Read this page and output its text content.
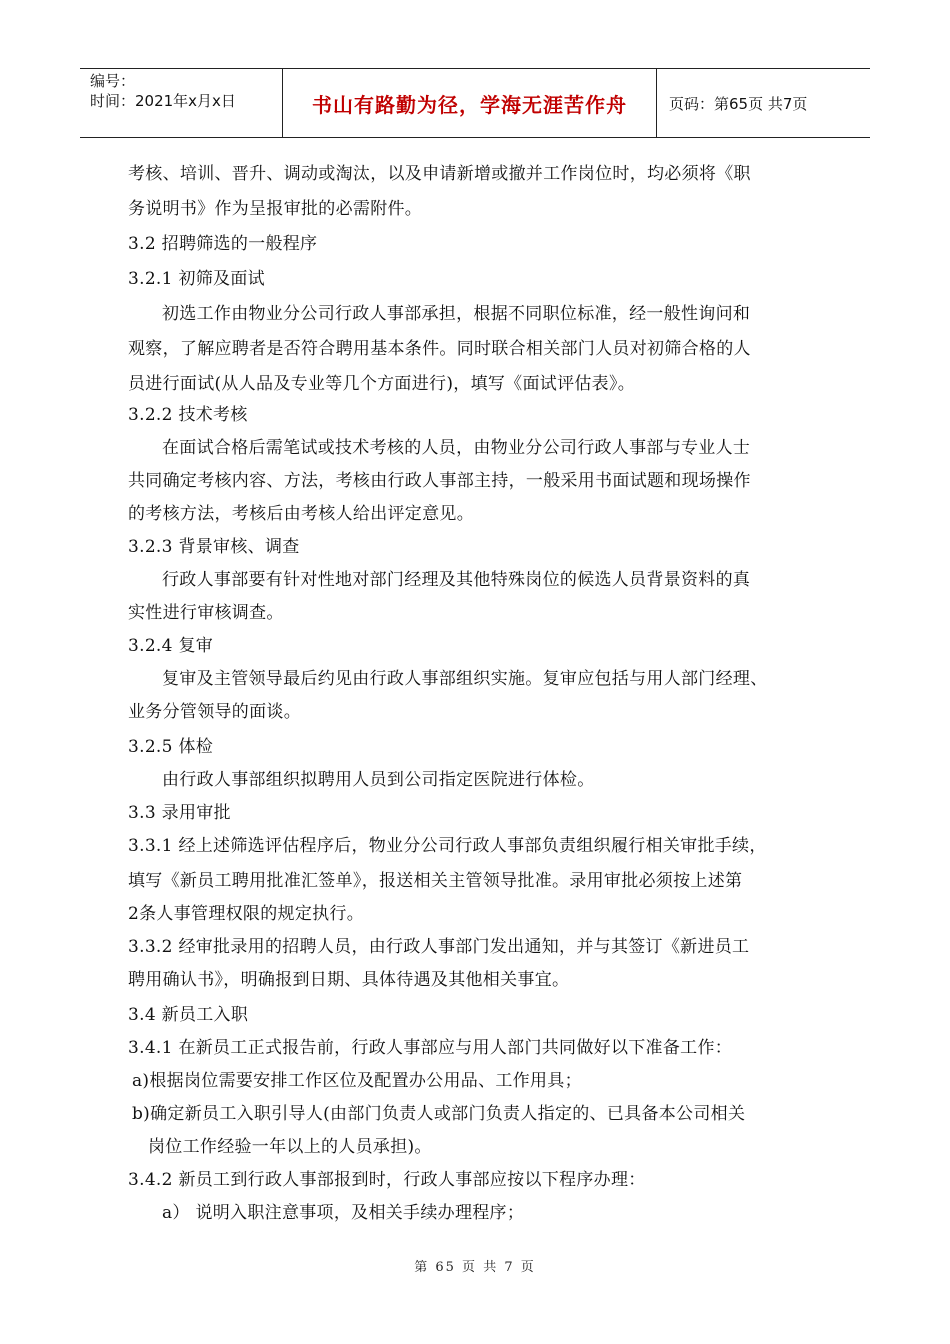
编号：
时间：2021年x月x日	书山有路勤为径，学海无涯苦作舟	页码：第65页 共7页
考核、培训、晋升、调动或淘汰，以及申请新增或撤并工作岗位时，均必须将《职
务说明书》作为呈报审批的必需附件。
3.2 招聘筛选的一般程序
3.2.1 初筛及面试
初选工作由物业分公司行政人事部承担，根据不同职位标准，经一般性询问和
观察，了解应聘者是否符合聘用基本条件。同时联合相关部门人员对初筛合格的人
员进行面试(从人品及专业等几个方面进行)，填写《面试评估表》。
3.2.2 技术考核
在面试合格后需笔试或技术考核的人员，由物业分公司行政人事部与专业人士
共同确定考核内容、方法，考核由行政人事部主持，一般采用书面试题和现场操作
的考核方法，考核后由考核人给出评定意见。
3.2.3 背景审核、调查
行政人事部要有针对性地对部门经理及其他特殊岗位的候选人员背景资料的真
实性进行审核调查。
3.2.4 复审
复审及主管领导最后约见由行政人事部组织实施。复审应包括与用人部门经理、
业务分管领导的面谈。
3.2.5 体检
由行政人事部组织拟聘用人员到公司指定医院进行体检。
3.3 录用审批
3.3.1 经上述筛选评估程序后，物业分公司行政人事部负责组织履行相关审批手续，
填写《新员工聘用批准汇签单》，报送相关主管领导批准。录用审批必须按上述第
2条人事管理权限的规定执行。
3.3.2 经审批录用的招聘人员，由行政人事部门发出通知，并与其签订《新进员工
聘用确认书》，明确报到日期、具体待遇及其他相关事宜。
3.4 新员工入职
3.4.1 在新员工正式报告前，行政人事部应与用人部门共同做好以下准备工作：
a)根据岗位需要安排工作区位及配置办公用品、工作用具；
b)确定新员工入职引导人(由部门负责人或部门负责人指定的、已具备本公司相关
岗位工作经验一年以上的人员承担)。
3.4.2 新员工到行政人事部报到时，行政人事部应按以下程序办理：
a） 说明入职注意事项，及相关手续办理程序；
第 65 页 共 7 页
